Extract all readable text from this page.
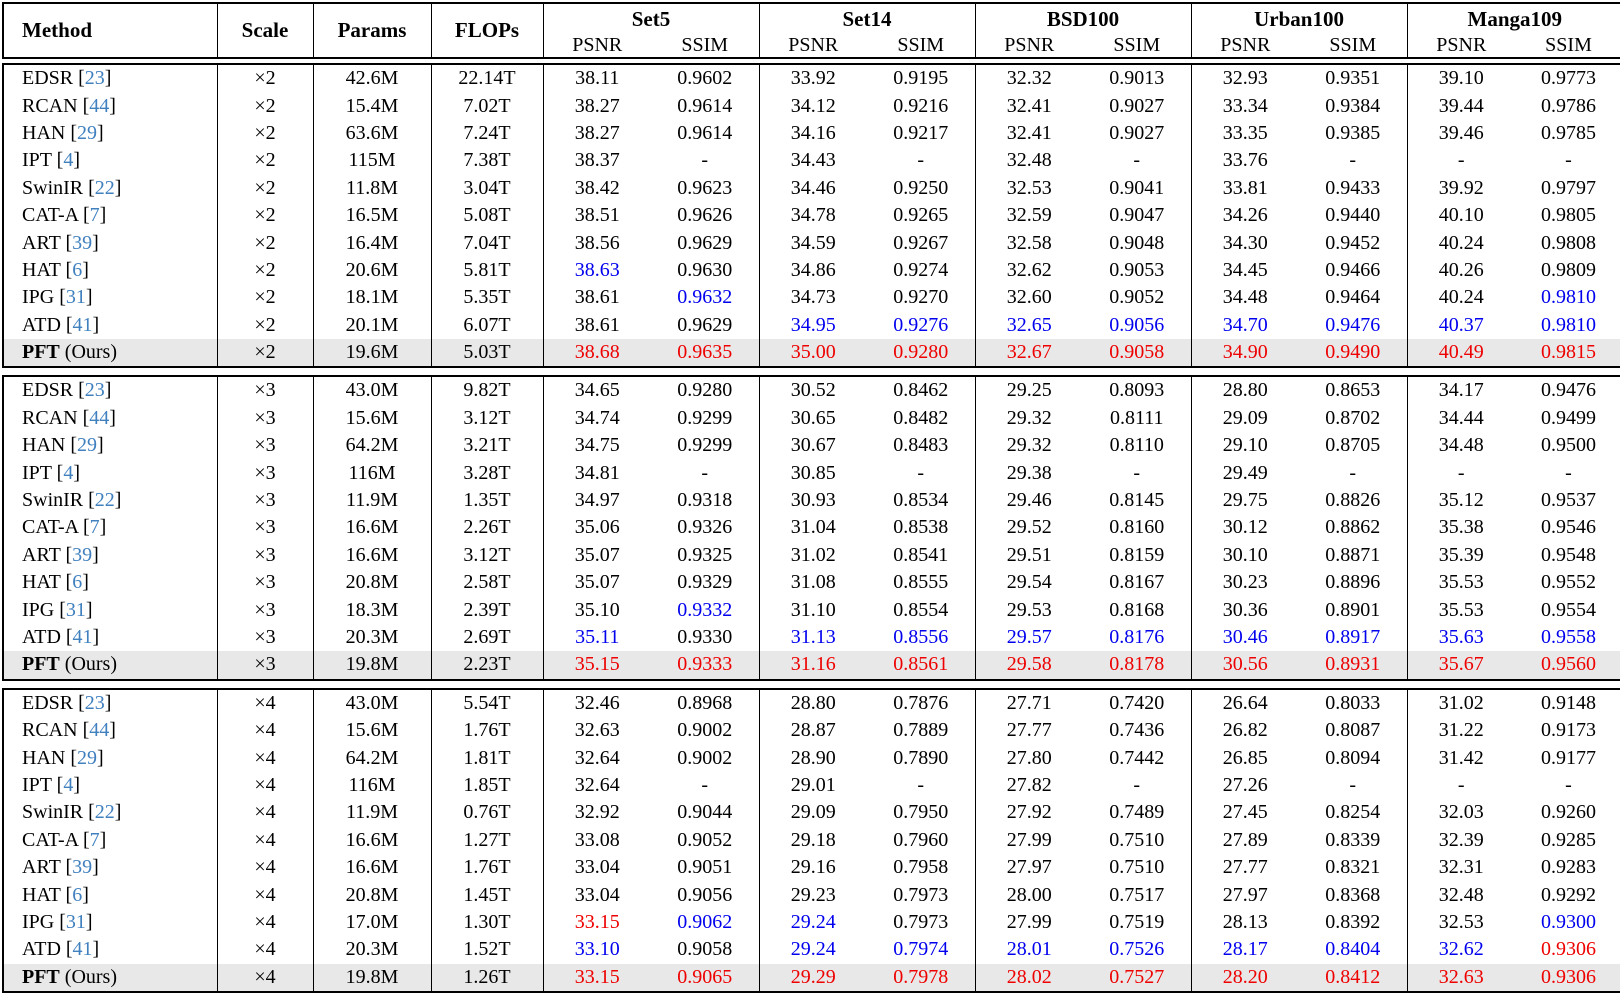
Method	Scale	Params	FLOPs	Set5		Set14		BSD100		Urban100		Manga109	
				PSNR	SSIM	PSNR	SSIM	PSNR	SSIM	PSNR	SSIM	PSNR	SSIM
EDSR [23]	×2	42.6M	22.14T	38.11	0.9602	33.92	0.9195	32.32	0.9013	32.93	0.9351	39.10	0.9773
RCAN [44]	×2	15.4M	7.02T	38.27	0.9614	34.12	0.9216	32.41	0.9027	33.34	0.9384	39.44	0.9786
HAN [29]	×2	63.6M	7.24T	38.27	0.9614	34.16	0.9217	32.41	0.9027	33.35	0.9385	39.46	0.9785
IPT [4]	×2	115M	7.38T	38.37	-	34.43	-	32.48	-	33.76	-	-	-
SwinIR [22]	×2	11.8M	3.04T	38.42	0.9623	34.46	0.9250	32.53	0.9041	33.81	0.9433	39.92	0.9797
CAT-A [7]	×2	16.5M	5.08T	38.51	0.9626	34.78	0.9265	32.59	0.9047	34.26	0.9440	40.10	0.9805
ART [39]	×2	16.4M	7.04T	38.56	0.9629	34.59	0.9267	32.58	0.9048	34.30	0.9452	40.24	0.9808
HAT [6]	×2	20.6M	5.81T	38.63	0.9630	34.86	0.9274	32.62	0.9053	34.45	0.9466	40.26	0.9809
IPG [31]	×2	18.1M	5.35T	38.61	0.9632	34.73	0.9270	32.60	0.9052	34.48	0.9464	40.24	0.9810
ATD [41]	×2	20.1M	6.07T	38.61	0.9629	34.95	0.9276	32.65	0.9056	34.70	0.9476	40.37	0.9810
PFT (Ours)	×2	19.6M	5.03T	38.68	0.9635	35.00	0.9280	32.67	0.9058	34.90	0.9490	40.49	0.9815
EDSR [23]	×3	43.0M	9.82T	34.65	0.9280	30.52	0.8462	29.25	0.8093	28.80	0.8653	34.17	0.9476
RCAN [44]	×3	15.6M	3.12T	34.74	0.9299	30.65	0.8482	29.32	0.8111	29.09	0.8702	34.44	0.9499
HAN [29]	×3	64.2M	3.21T	34.75	0.9299	30.67	0.8483	29.32	0.8110	29.10	0.8705	34.48	0.9500
IPT [4]	×3	116M	3.28T	34.81	-	30.85	-	29.38	-	29.49	-	-	-
SwinIR [22]	×3	11.9M	1.35T	34.97	0.9318	30.93	0.8534	29.46	0.8145	29.75	0.8826	35.12	0.9537
CAT-A [7]	×3	16.6M	2.26T	35.06	0.9326	31.04	0.8538	29.52	0.8160	30.12	0.8862	35.38	0.9546
ART [39]	×3	16.6M	3.12T	35.07	0.9325	31.02	0.8541	29.51	0.8159	30.10	0.8871	35.39	0.9548
HAT [6]	×3	20.8M	2.58T	35.07	0.9329	31.08	0.8555	29.54	0.8167	30.23	0.8896	35.53	0.9552
IPG [31]	×3	18.3M	2.39T	35.10	0.9332	31.10	0.8554	29.53	0.8168	30.36	0.8901	35.53	0.9554
ATD [41]	×3	20.3M	2.69T	35.11	0.9330	31.13	0.8556	29.57	0.8176	30.46	0.8917	35.63	0.9558
PFT (Ours)	×3	19.8M	2.23T	35.15	0.9333	31.16	0.8561	29.58	0.8178	30.56	0.8931	35.67	0.9560
EDSR [23]	×4	43.0M	5.54T	32.46	0.8968	28.80	0.7876	27.71	0.7420	26.64	0.8033	31.02	0.9148
RCAN [44]	×4	15.6M	1.76T	32.63	0.9002	28.87	0.7889	27.77	0.7436	26.82	0.8087	31.22	0.9173
HAN [29]	×4	64.2M	1.81T	32.64	0.9002	28.90	0.7890	27.80	0.7442	26.85	0.8094	31.42	0.9177
IPT [4]	×4	116M	1.85T	32.64	-	29.01	-	27.82	-	27.26	-	-	-
SwinIR [22]	×4	11.9M	0.76T	32.92	0.9044	29.09	0.7950	27.92	0.7489	27.45	0.8254	32.03	0.9260
CAT-A [7]	×4	16.6M	1.27T	33.08	0.9052	29.18	0.7960	27.99	0.7510	27.89	0.8339	32.39	0.9285
ART [39]	×4	16.6M	1.76T	33.04	0.9051	29.16	0.7958	27.97	0.7510	27.77	0.8321	32.31	0.9283
HAT [6]	×4	20.8M	1.45T	33.04	0.9056	29.23	0.7973	28.00	0.7517	27.97	0.8368	32.48	0.9292
IPG [31]	×4	17.0M	1.30T	33.15	0.9062	29.24	0.7973	27.99	0.7519	28.13	0.8392	32.53	0.9300
ATD [41]	×4	20.3M	1.52T	33.10	0.9058	29.24	0.7974	28.01	0.7526	28.17	0.8404	32.62	0.9306
PFT (Ours)	×4	19.8M	1.26T	33.15	0.9065	29.29	0.7978	28.02	0.7527	28.20	0.8412	32.63	0.9306
